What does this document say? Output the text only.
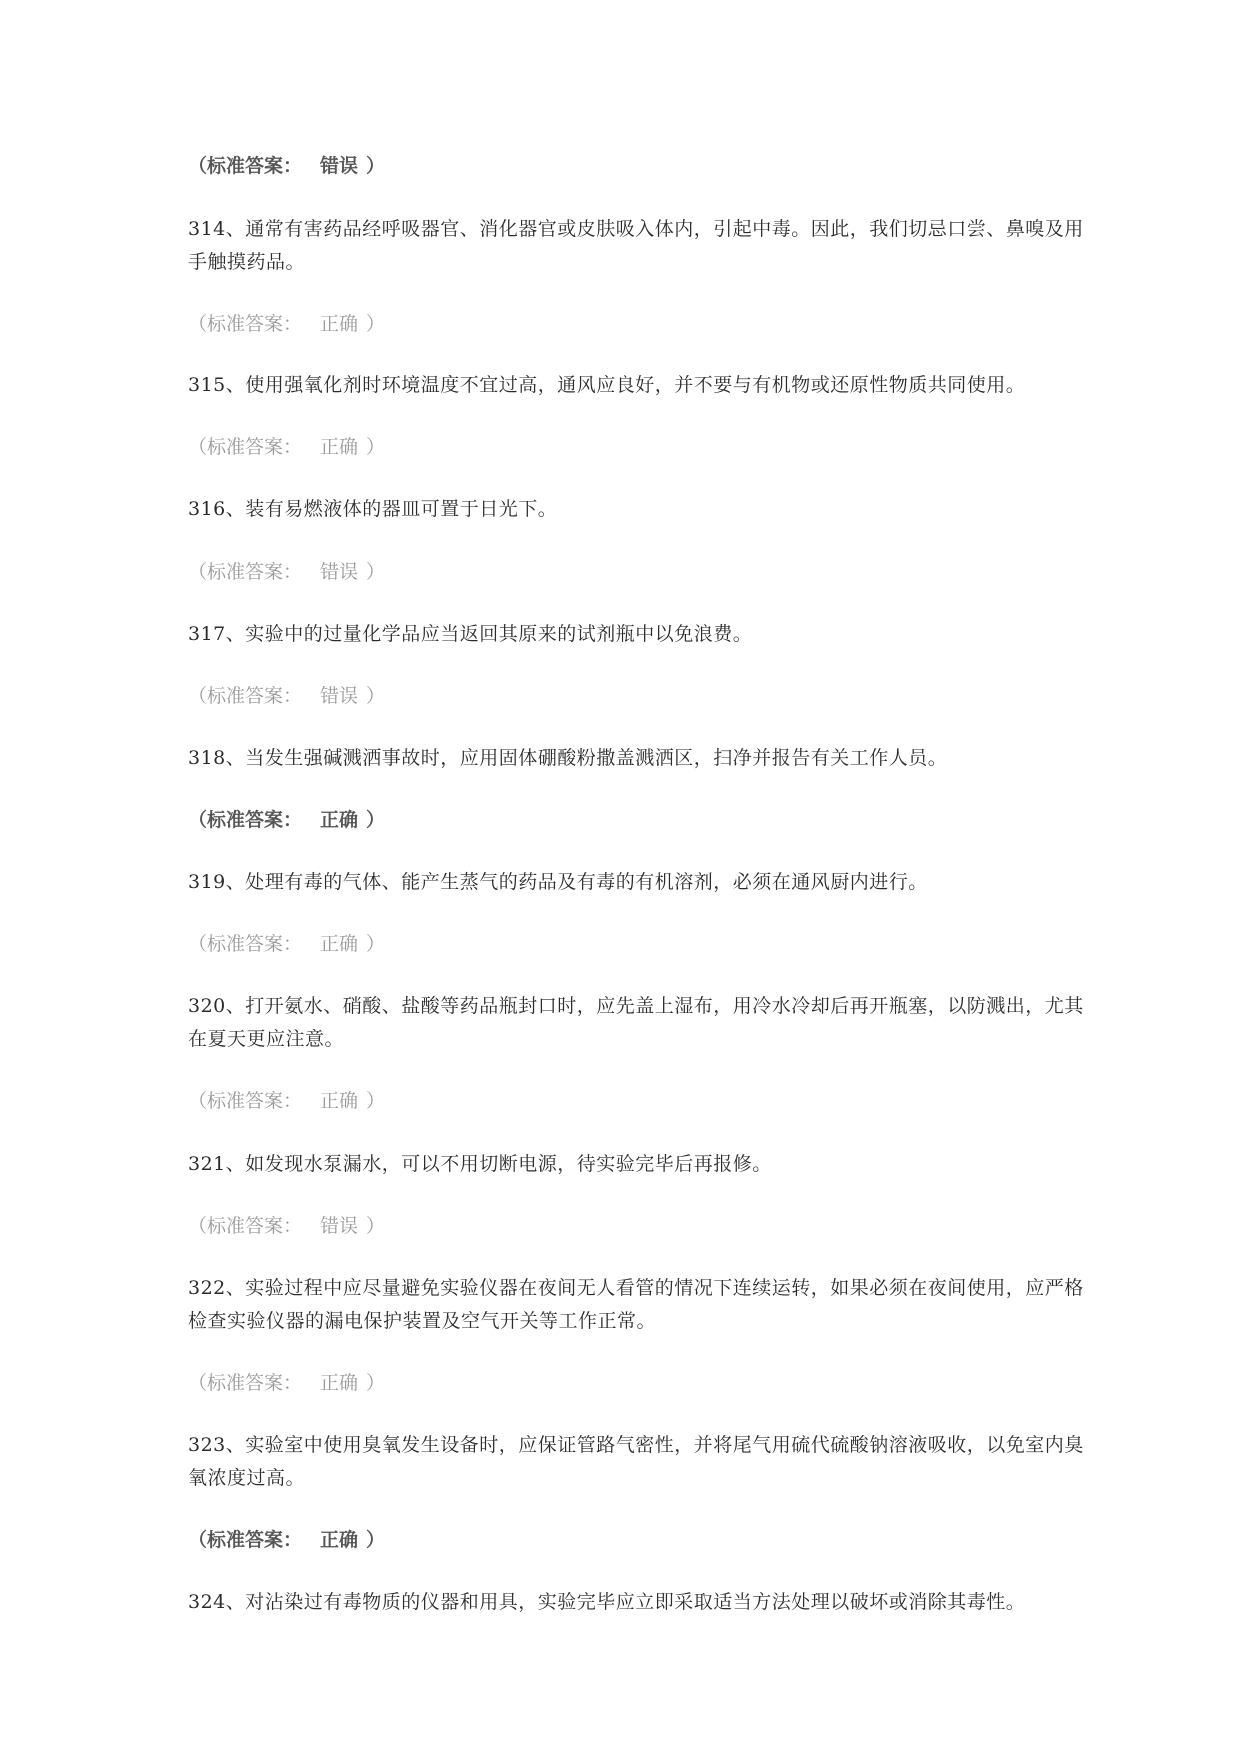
（标准答案： 错误 ）
314、通常有害药品经呼吸器官、消化器官或皮肤吸入体内，引起中毒。因此，我们切忌口尝、鼻嗅及用
手触摸药品。
（标准答案： 正确 ）
315、使用强氧化剂时环境温度不宜过高，通风应良好，并不要与有机物或还原性物质共同使用。
（标准答案： 正确 ）
316、装有易燃液体的器皿可置于日光下。
（标准答案： 错误 ）
317、实验中的过量化学品应当返回其原来的试剂瓶中以免浪费。
（标准答案： 错误 ）
318、当发生强碱溅洒事故时，应用固体硼酸粉撒盖溅洒区，扫净并报告有关工作人员。
（标准答案： 正确 ）
319、处理有毒的气体、能产生蒸气的药品及有毒的有机溶剂，必须在通风厨内进行。
（标准答案： 正确 ）
320、打开氨水、硝酸、盐酸等药品瓶封口时，应先盖上湿布，用冷水冷却后再开瓶塞，以防溅出，尤其
在夏天更应注意。
（标准答案： 正确 ）
321、如发现水泵漏水，可以不用切断电源，待实验完毕后再报修。
（标准答案： 错误 ）
322、实验过程中应尽量避免实验仪器在夜间无人看管的情况下连续运转，如果必须在夜间使用，应严格
检查实验仪器的漏电保护装置及空气开关等工作正常。
（标准答案： 正确 ）
323、实验室中使用臭氧发生设备时，应保证管路气密性，并将尾气用硫代硫酸钠溶液吸收，以免室内臭
氧浓度过高。
（标准答案： 正确 ）
324、对沾染过有毒物质的仪器和用具，实验完毕应立即采取适当方法处理以破坏或消除其毒性。
